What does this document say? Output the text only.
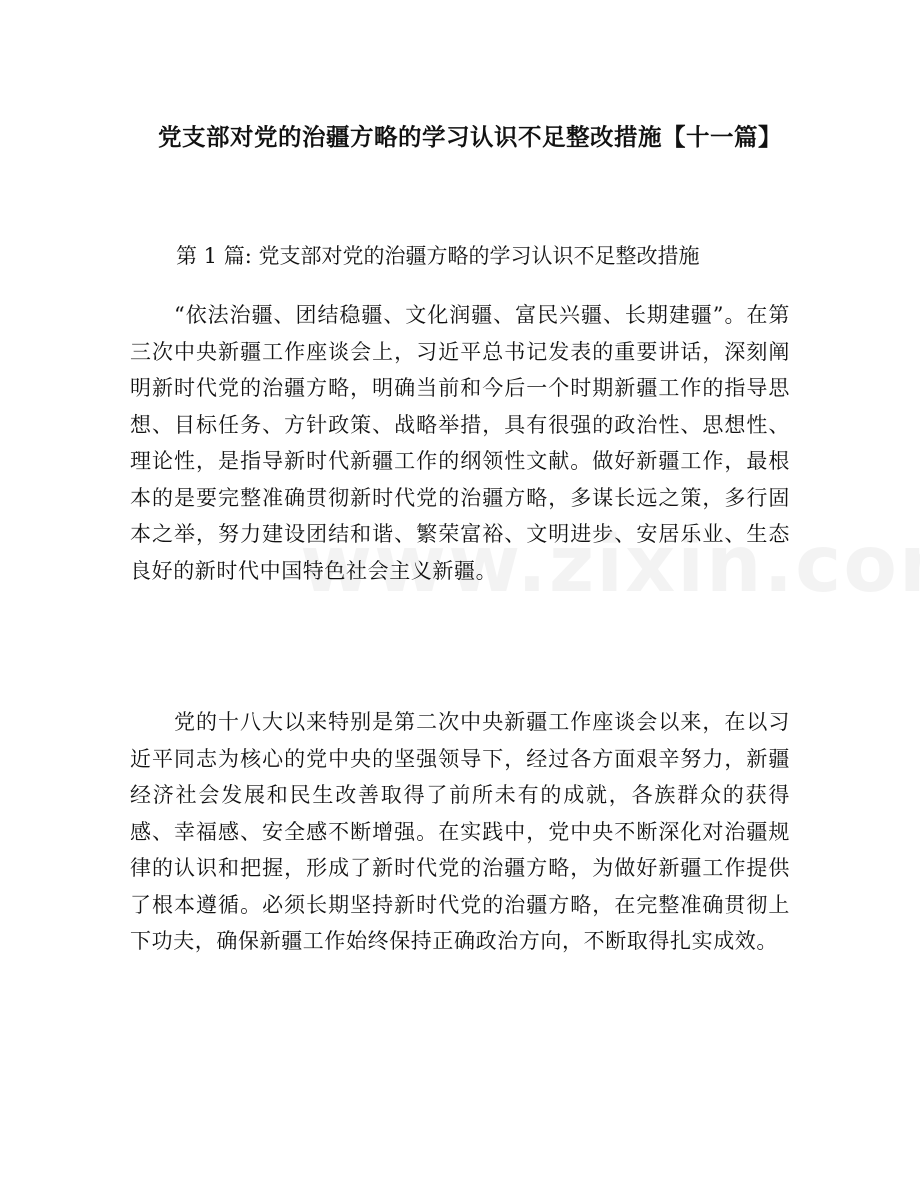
党支部对党的治疆方略的学习认识不足整改措施【十一篇】

第 1 篇: 党支部对党的治疆方略的学习认识不足整改措施

“依法治疆、团结稳疆、文化润疆、富民兴疆、长期建疆”。在第三次中央新疆工作座谈会上，习近平总书记发表的重要讲话，深刻阐明新时代党的治疆方略，明确当前和今后一个时期新疆工作的指导思想、目标任务、方针政策、战略举措，具有很强的政治性、思想性、理论性，是指导新时代新疆工作的纲领性文献。做好新疆工作，最根本的是要完整准确贯彻新时代党的治疆方略，多谋长远之策，多行固本之举，努力建设团结和谐、繁荣富裕、文明进步、安居乐业、生态良好的新时代中国特色社会主义新疆。

党的十八大以来特别是第二次中央新疆工作座谈会以来，在以习近平同志为核心的党中央的坚强领导下，经过各方面艰辛努力，新疆经济社会发展和民生改善取得了前所未有的成就，各族群众的获得感、幸福感、安全感不断增强。在实践中，党中央不断深化对治疆规律的认识和把握，形成了新时代党的治疆方略，为做好新疆工作提供了根本遵循。必须长期坚持新时代党的治疆方略，在完整准确贯彻上下功夫，确保新疆工作始终保持正确政治方向，不断取得扎实成效。
